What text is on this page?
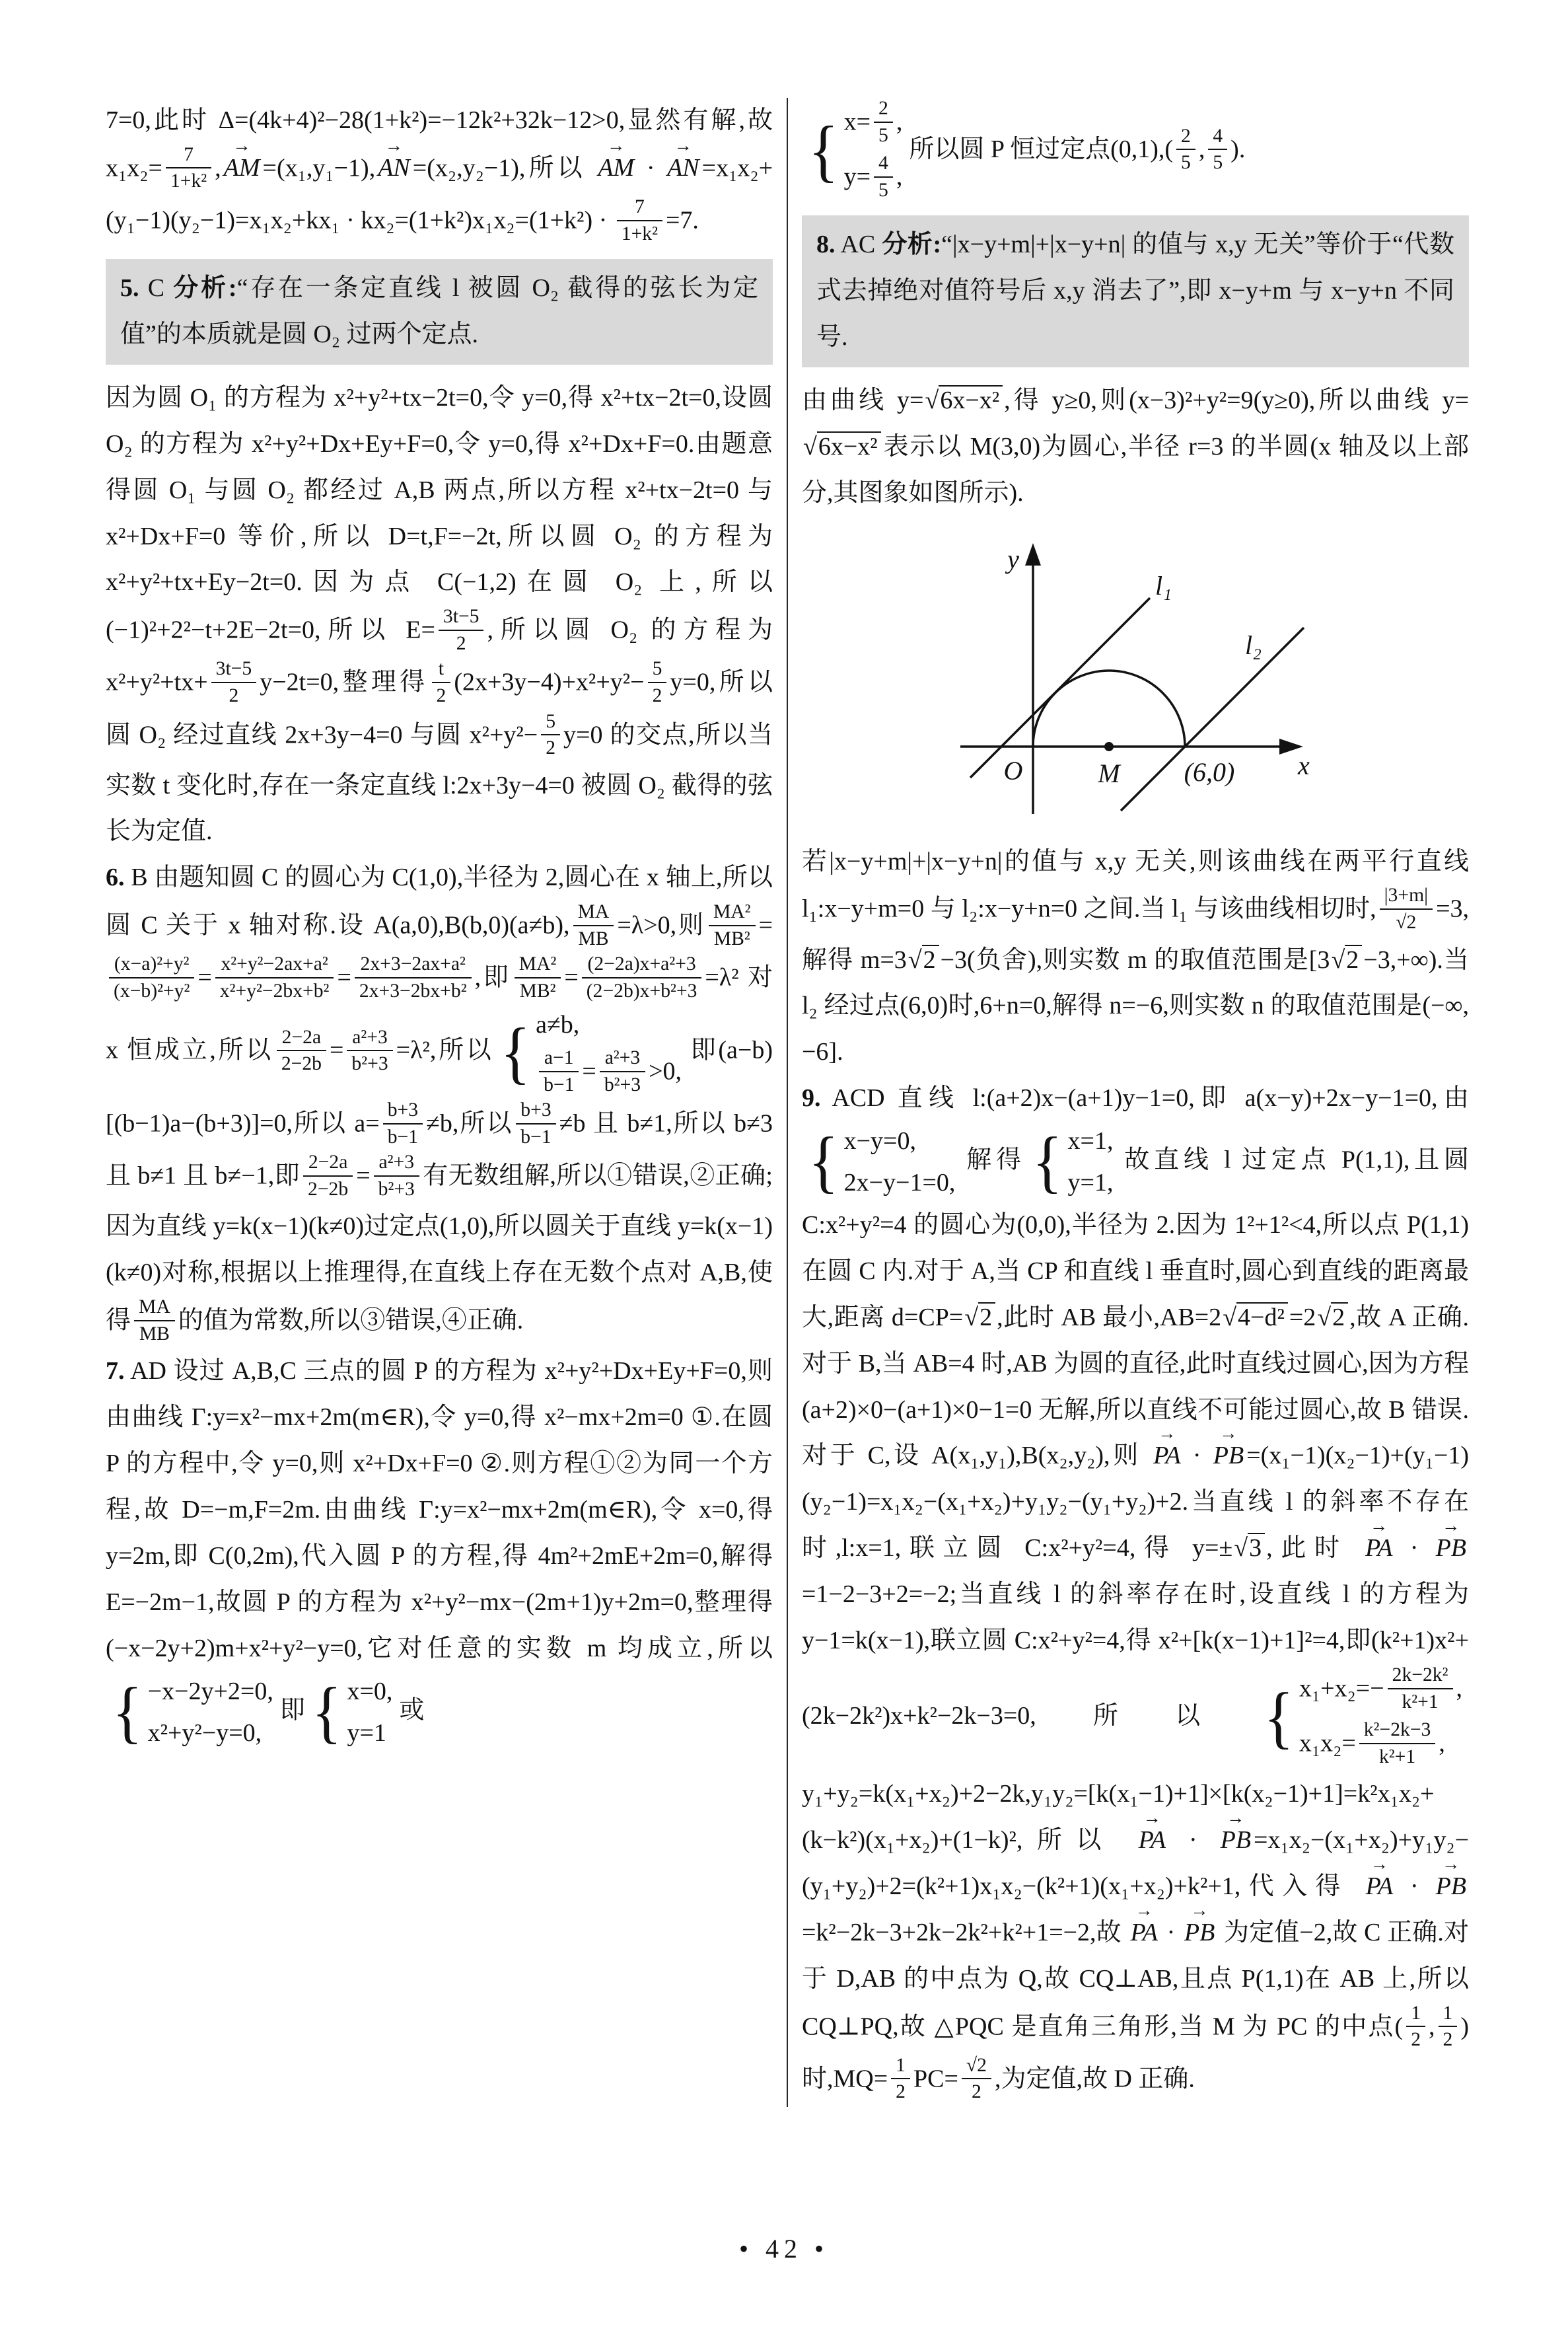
7=0,此时 Δ=(4k+4)²−28(1+k²)=−12k²+32k−12>0,显然有解,故 $x_1x_2= \frac{7}{\text{1+k²}}$ , → AM =(x₁,y₁−1), → AN =(x₂,y₂−1),所以 → AM · → AN $=x_1x_2+(y_1-1)(y_2-1)=x_1x_2+kx_1 \cdot kx_2=(1+k^2)x_1x_2=(1+k^2) \cdot \frac{7}{\text{1+k²}} =7$.

5. C 分析:“存在一条定直线 l 被圆 O₂ 截得的弦长为定值”的本质就是圆 O₂ 过两个定点.

因为圆 O₁ 的方程为 x²+y²+tx−2t=0,令 y=0,得 x²+tx−2t=0,设圆 O₂ 的方程为 x²+y²+Dx+Ey+F=0,令 y=0,得 x²+Dx+F=0.由题意得圆 O₁ 与圆 O₂ 都经过 A,B 两点,所以方程 x²+tx−2t=0 与 x²+Dx+F=0 等价,所以 D=t,F=−2t,所以圆 O₂ 的方程为 x²+y²+tx+Ey−2t=0.因为点 C(−1,2)在圆 O₂ 上,所以(−1)²+2²−t+2E−2t=0,所以 $E= \frac{3t-5}{2}$ ,所以圆 O₂ 的方程为 $x^2+y^2+tx+ \frac{3t-5}{2} y-2t=0$,整理得 $\frac{t}{2} (2x+3y-4)+x^2+y^2- \frac{5}{2} y=0$,所以圆 O₂ 经过直线 2x+3y−4=0 与圆 $x^2+y^2- \frac{5}{2} y=0$ 的交点,所以当实数 t 变化时,存在一条定直线 l:2x+3y−4=0 被圆 O₂ 截得的弦长为定值.

6. B 由题知圆 C 的圆心为 C(1,0),半径为 2,圆心在 x 轴上,所以圆 C 关于 x 轴对称.设 A(a,0),B(b,0)(a≠b), $\frac{MA}{MB} =\lambda>0$,则 $\frac{\text{MA²}}{\text{MB²}}$ =
$\frac{\text{(x−a)²+y²}}{\text{(x−b)²+y²}} = \frac{\text{x²+y²−2ax+a²}}{\text{x²+y²−2bx+b²}} = \frac{\text{2x+3−2ax+a²}}{\text{2x+3−2bx+b²}}$ ,即 $\frac{\text{MA²}}{\text{MB²}} = \frac{\text{(2−2a)x+a²+3}}{\text{(2−2b)x+b²+3}} =\lambda^2$ 对 x 恒成立,所以 $\frac{2-2a}{2-2b} = \frac{\text{a²+3}}{\text{b²+3}} =\lambda^2$,所以 { a≠b,
$\frac{a-1}{b-1} = \frac{\text{a²+3}}{\text{b²+3}} >0$,
即(a−b)[(b−1)a−(b+3)]=0,所以 $a= \frac{b+3}{b-1} \ne b$,所以 $\frac{b+3}{b-1} \ne b$ 且 b≠1,所以 b≠3 且 b≠1 且 b≠−1,即 $\frac{2-2a}{2-2b} = \frac{\text{a²+3}}{\text{b²+3}}$ 有无数组解,所以①错误,②正确;因为直线 y=k(x−1)(k≠0)过定点(1,0),所以圆关于直线 y=k(x−1)(k≠0)对称,根据以上推理得,在直线上存在无数个点对 A,B,使得 $\frac{MA}{MB}$ 的值为常数,所以③错误,④正确.

7. AD 设过 A,B,C 三点的圆 P 的方程为 x²+y²+Dx+Ey+F=0,则由曲线 Γ:y=x²−mx+2m(m∈R),令 y=0,得 x²−mx+2m=0 ①.在圆 P 的方程中,令 y=0,则 x²+Dx+F=0 ②.则方程①②为同一个方程,故 D=−m,F=2m.由曲线 Γ:y=x²−mx+2m(m∈R),令 x=0,得 y=2m,即 C(0,2m),代入圆 P 的方程,得 4m²+2mE+2m=0,解得 E=−2m−1,故圆 P 的方程为 x²+y²−mx−(2m+1)y+2m=0,整理得(−x−2y+2)m+x²+y²−y=0,它对任意的实数 m 均成立,所以
{ −x−2y+2=0,
x²+y²−y=0,
即 { x=0,
y=1
或

{ $x= \frac{2}{5}$ ,
$y= \frac{4}{5}$ ,
所以圆 P 恒过定点$(0,1),( \frac{2}{5}$ , $\frac{4}{5}$ ).

8. AC 分析:“|x−y+m|+|x−y+n| 的值与 x,y 无关”等价于“代数式去掉绝对值符号后 x,y 消去了”,即 x−y+m 与 x−y+n 不同号.

由曲线 y=√6x−x² ,得 y≥0,则(x−3)²+y²=9(y≥0),所以曲线 y=√6x−x² 表示以 M(3,0)为圆心,半径 r=3 的半圆(x 轴及以上部分,其图象如图所示).

y
x
O	M (6,0)
l₁
l₂

若|x−y+m|+|x−y+n|的值与 x,y 无关,则该曲线在两平行直线 l₁:x−y+m=0 与 l₂:x−y+n=0 之间.当 l₁ 与该曲线相切时, $\frac{|3+m|}{√2} =3$,解得 m=3√2 −3(负舍),则实数 m 的取值范围是[3√2 −3,+∞).当 l₂ 经过点(6,0)时,6+n=0,解得 n=−6,则实数 n 的取值范围是(−∞,−6].

9. ACD 直线 l:(a+2)x−(a+1)y−1=0,即 a(x−y)+2x−y−1=0,由
{ x−y=0,
2x−y−1=0,
解得 { x=1,
y=1,
故直线 l 过定点 P(1,1),且圆 C:x²+y²=4 的圆心为(0,0),半径为 2.因为 1²+1²<4,所以点 P(1,1)在圆 C 内.对于 A,当 CP 和直线 l 垂直时,圆心到直线的距离最大,距离 d=CP=√2 ,此时 AB 最小,AB=2√4−d² =2√2 ,故 A 正确.对于 B,当 AB=4 时,AB 为圆的直径,此时直线过圆心,因为方程(a+2)×0−(a+1)×0−1=0 无解,所以直线不可能过圆心,故 B 错误.对于 C,设 A(x₁,y₁),B(x₂,y₂),则 → PA · → PB =(x₁−1)(x₂−1)+(y₁−1)(y₂−1)=x₁x₂−(x₁+x₂)+y₁y₂−(y₁+y₂)+2.当直线 l 的斜率不存在时,l:x=1,联立圆 C:x²+y²=4,得 y=±√3 ,此时 → PA · → PB=1−2−3+2=−2;当直线 l 的斜率存在时,设直线 l 的方程为 y−1=k(x−1),联立圆 C:x²+y²=4,得 x²+[k(x−1)+1]²=4,即(k²+1)x²+(2k−2k²)x+k²−2k−3=0,所以 { $x_1+x_2=- \frac{\text{2k−2k²}}{\text{k²+1}}$ ,
$x_1x_2= \frac{\text{k²−2k−3}}{\text{k²+1}}$ ,
y₁+y₂=k(x₁+x₂)+2−2k,y₁y₂=[k(x₁−1)+1]×[k(x₂−1)+1]=k²x₁x₂+(k−k²)(x₁+x₂)+(1−k)²,所以 → PA · → PB =x₁x₂−(x₁+x₂)+y₁y₂−(y₁+y₂)+2=(k²+1)x₁x₂−(k²+1)(x₁+x₂)+k²+1,代入得 → PA · → PB=k²−2k−3+2k−2k²+k²+1=−2,故 → PA · → PB 为定值−2,故 C 正确.对于 D,AB 的中点为 Q,故 CQ⊥AB,且点 P(1,1)在 AB 上,所以 CQ⊥PQ,故 △PQC 是直角三角形,当 M 为 PC 的中点( $\frac{1}{2}$ , $\frac{1}{2}$ )时$,MQ= \frac{1}{2} PC= \frac{√2}{2}$ ,为定值,故 D 正确.

• 42 •
